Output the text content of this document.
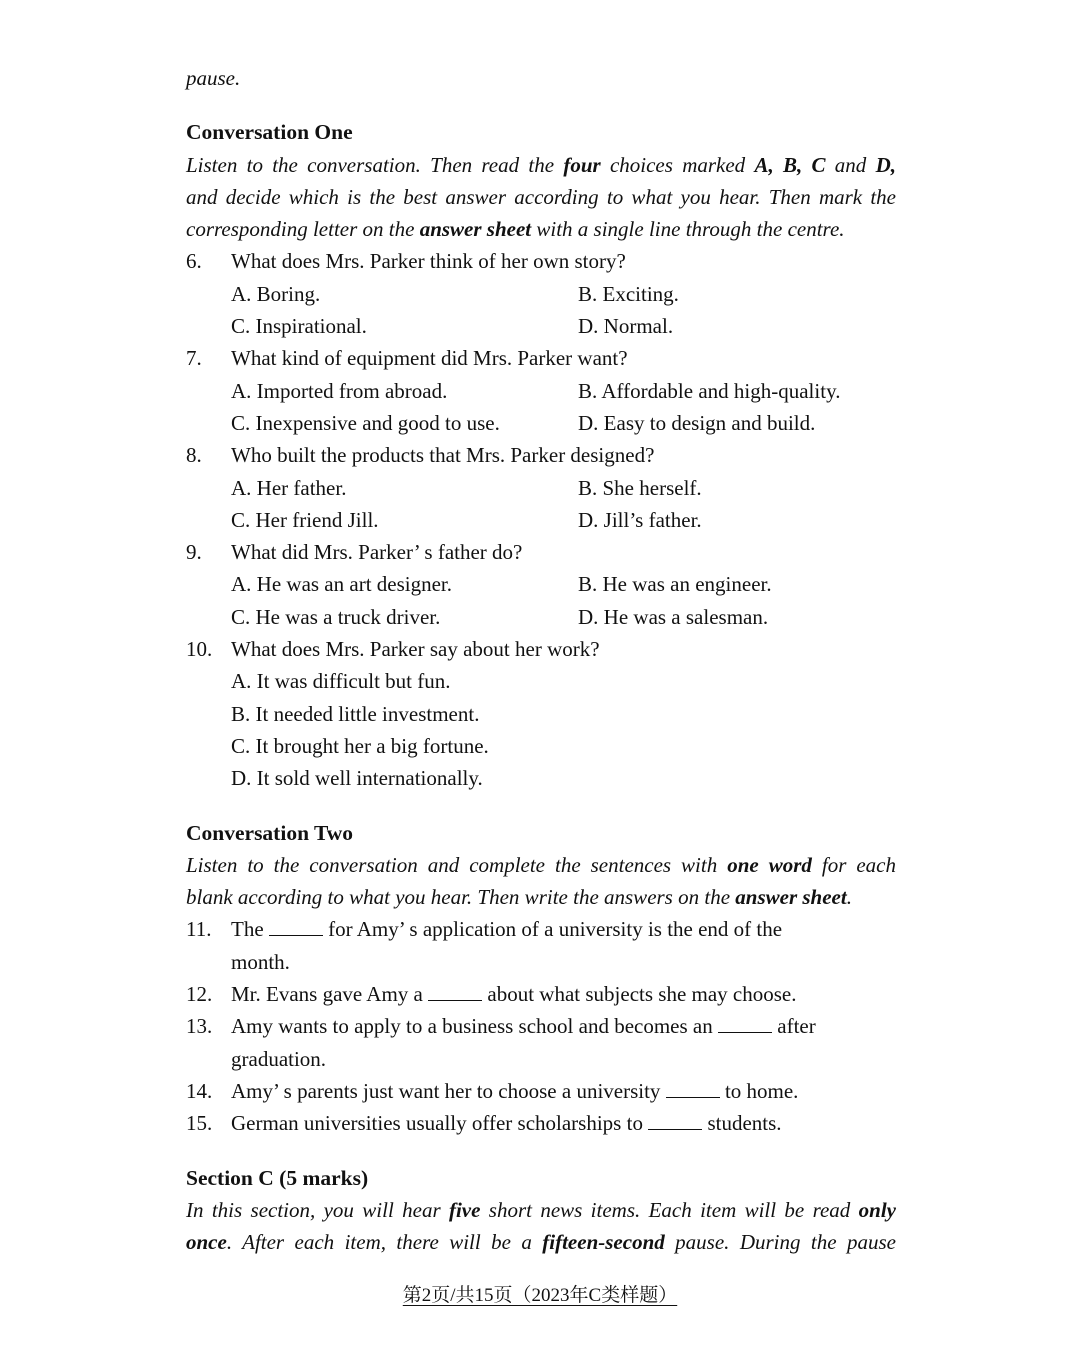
pause.
Conversation One
Listen to the conversation. Then read the four choices marked A, B, C and D,
and decide which is the best answer according to what you hear. Then mark the
corresponding letter on the answer sheet with a single line through the centre.
6. What does Mrs. Parker think of her own story?
A. Boring.	B. Exciting.
C. Inspirational.	D. Normal.
7. What kind of equipment did Mrs. Parker want?
A. Imported from abroad.	B. Affordable and high-quality.
C. Inexpensive and good to use.	D. Easy to design and build.
8. Who built the products that Mrs. Parker designed?
A. Her father.	B. She herself.
C. Her friend Jill.	D. Jill’s father.
9. What did Mrs. Parker’ s father do?
A. He was an art designer.	B. He was an engineer.
C. He was a truck driver.	D. He was a salesman.
10. What does Mrs. Parker say about her work?
A. It was difficult but fun.
B. It needed little investment.
C. It brought her a big fortune.
D. It sold well internationally.
Conversation Two
Listen to the conversation and complete the sentences with one word for each
blank according to what you hear. Then write the answers on the answer sheet.
11. The	for Amy’ s application of a university is the end of the
month.
12. Mr. Evans gave Amy a	about what subjects she may choose.
13. Amy wants to apply to a business school and becomes an	after
graduation.
14. Amy’ s parents just want her to choose a university	to home.
15. German universities usually offer scholarships to	students.
Section C (5 marks)
In this section, you will hear five short news items. Each item will be read only
once. After each item, there will be a fifteen-second pause. During the pause
第2页/共15页（2023年C类样题）
